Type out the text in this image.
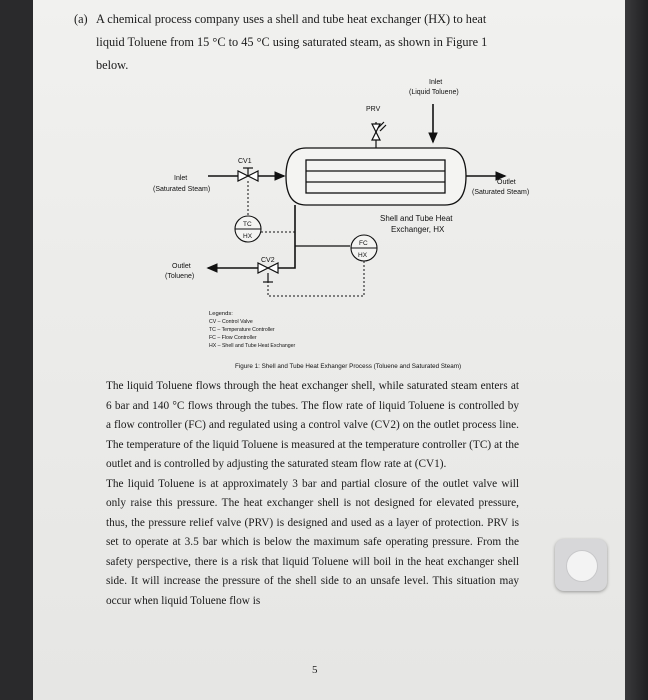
(a) A chemical process company uses a shell and tube heat exchanger (HX) to heat
liquid Toluene from 15 °C to 45 °C using saturated steam, as shown in Figure 1
below.
Inlet
(Liquid Toluene)
PRV
CV1
Inlet
(Saturated Steam)
Outlet
(Saturated Steam)
Shell and Tube Heat
Exchanger, HX
TC
HX
CV2
FC
HX
Outlet
(Toluene)
Legends:
CV – Control Valve
TC – Temperature Controller
FC – Flow Controller
HX – Shell and Tube Heat Exchanger
Figure 1: Shell and Tube Heat Exhanger Process (Toluene and Saturated Steam)

The liquid Toluene flows through the heat exchanger shell, while saturated steam enters at 6 bar and 140 °C flows through the tubes. The flow rate of liquid Toluene is controlled by a flow controller (FC) and regulated using a control valve (CV2) on the outlet process line. The temperature of the liquid Toluene is measured at the temperature controller (TC) at the outlet and is controlled by adjusting the saturated steam flow rate at (CV1).

The liquid Toluene is at approximately 3 bar and partial closure of the outlet valve will only raise this pressure. The heat exchanger shell is not designed for elevated pressure, thus, the pressure relief valve (PRV) is designed and used as a layer of protection. PRV is set to operate at 3.5 bar which is below the maximum safe operating pressure. From the safety perspective, there is a risk that liquid Toluene will boil in the heat exchanger shell side. It will increase the pressure of the shell side to an unsafe level. This situation may occur when liquid Toluene flow is

5
